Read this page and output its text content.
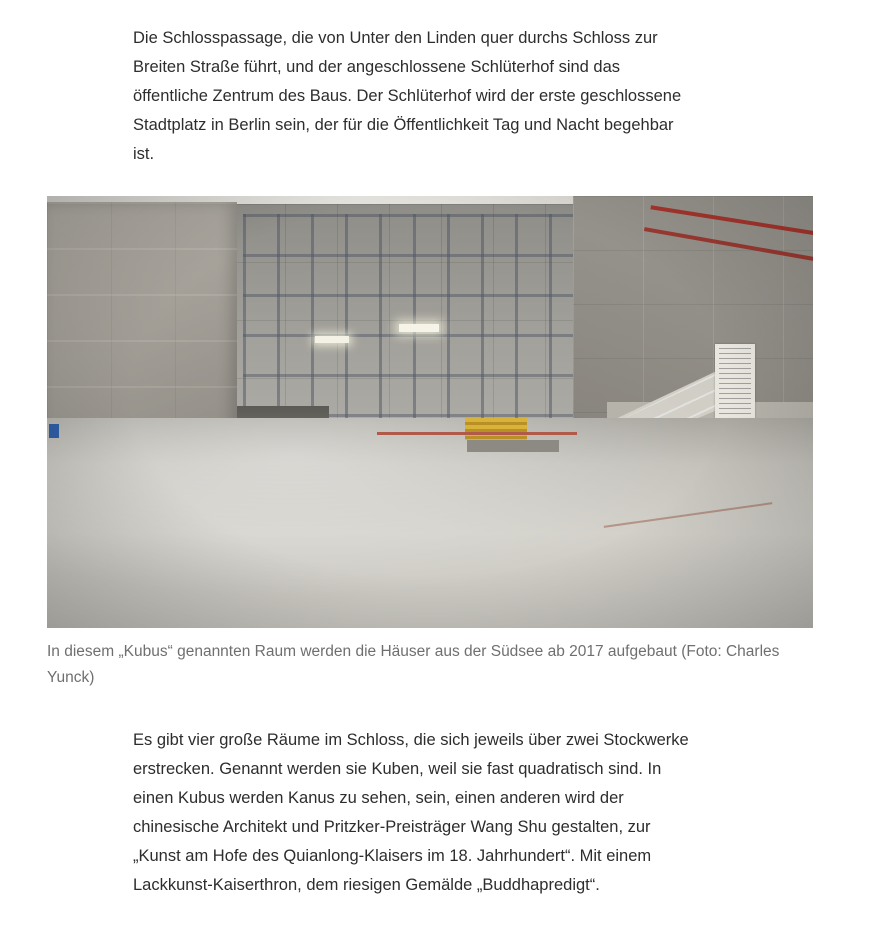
Die Schlosspassage, die von Unter den Linden quer durchs Schloss zur Breiten Straße führt, und der angeschlossene Schlüterhof sind das öffentliche Zentrum des Baus. Der Schlüterhof wird der erste geschlossene Stadtplatz in Berlin sein, der für die Öffentlichkeit Tag und Nacht begehbar ist.

In diesem „Kubus“ genannten Raum werden die Häuser aus der Südsee ab 2017 aufgebaut (Foto: Charles Yunck)

Es gibt vier große Räume im Schloss, die sich jeweils über zwei Stockwerke erstrecken. Genannt werden sie Kuben, weil sie fast quadratisch sind. In einen Kubus werden Kanus zu sehen, sein, einen anderen wird der chinesische Architekt und Pritzker-Preisträger Wang Shu gestalten, zur „Kunst am Hofe des Quianlong-Klaisers im 18. Jahrhundert“. Mit einem Lackkunst-Kaiserthron, dem riesigen Gemälde „Buddhapredigt“.
